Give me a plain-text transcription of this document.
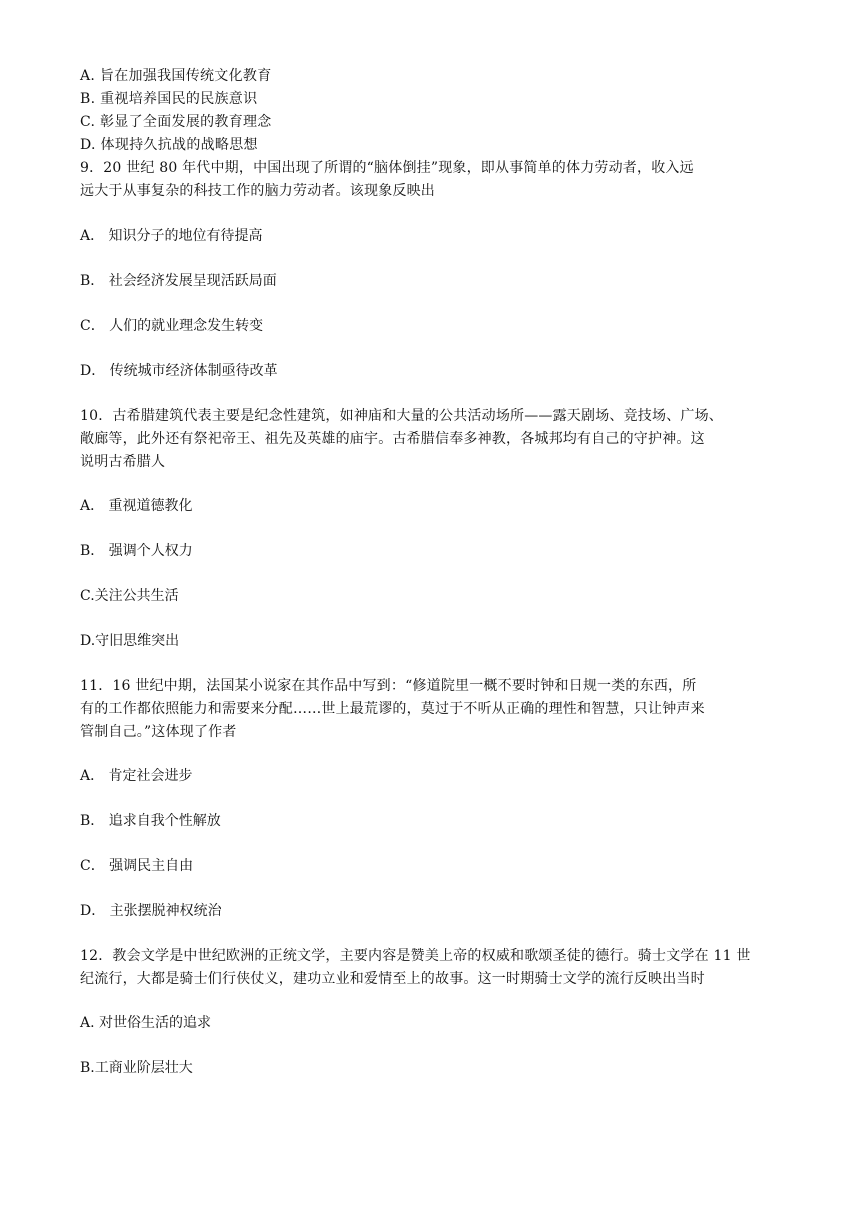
A. 旨在加强我国传统文化教育
B. 重视培养国民的民族意识
C. 彰显了全面发展的教育理念
D. 体现持久抗战的战略思想
9．20 世纪 80 年代中期，中国出现了所谓的“脑体倒挂”现象，即从事简单的体力劳动者，收入远
远大于从事复杂的科技工作的脑力劳动者。该现象反映出
A． 知识分子的地位有待提高
B． 社会经济发展呈现活跃局面
C． 人们的就业理念发生转变
D． 传统城市经济体制亟待改革
10．古希腊建筑代表主要是纪念性建筑，如神庙和大量的公共活动场所——露天剧场、竞技场、广场、
敞廊等，此外还有祭祀帝王、祖先及英雄的庙宇。古希腊信奉多神教，各城邦均有自己的守护神。这
说明古希腊人
A． 重视道德教化
B． 强调个人权力
C.关注公共生活
D.守旧思维突出
11．16 世纪中期，法国某小说家在其作品中写到：“修道院里一概不要时钟和日规一类的东西，所
有的工作都依照能力和需要来分配……世上最荒谬的，莫过于不听从正确的理性和智慧，只让钟声来
管制自己。”这体现了作者
A． 肯定社会进步
B． 追求自我个性解放
C． 强调民主自由
D． 主张摆脱神权统治
12．教会文学是中世纪欧洲的正统文学，主要内容是赞美上帝的权威和歌颂圣徒的德行。骑士文学在 11 世
纪流行，大都是骑士们行侠仗义，建功立业和爱情至上的故事。这一时期骑士文学的流行反映出当时
A. 对世俗生活的追求
B.工商业阶层壮大
